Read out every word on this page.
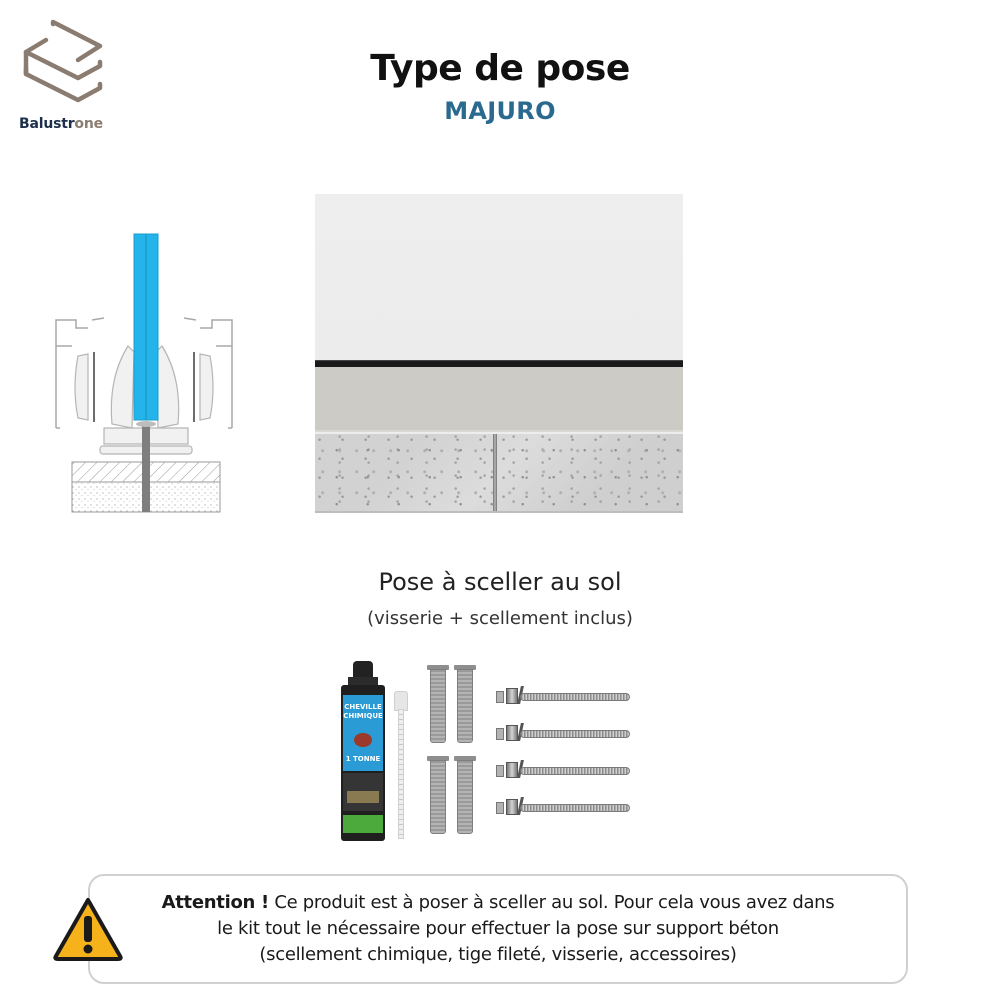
Balustrone
Type de pose
MAJURO
Pose à sceller au sol
(visserie + scellement inclus)
CHEVILLE
CHIMIQUE
1 TONNE
Attention ! Ce produit est à poser à sceller au sol. Pour cela vous avez dans
le kit tout le nécessaire pour effectuer la pose sur support béton
(scellement chimique, tige fileté, visserie, accessoires)
